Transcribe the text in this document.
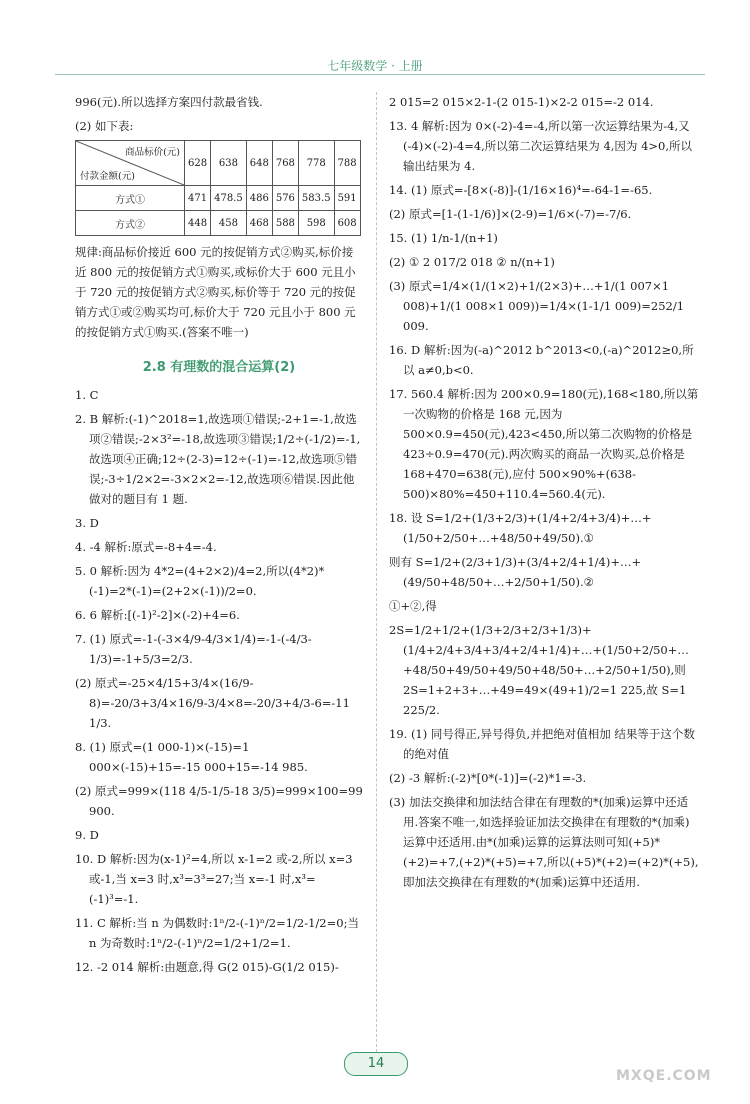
七年级数学 · 上册

996(元).所以选择方案四付款最省钱.

(2) 如下表:

商品标价(元)
付款金额(元)	628	638	648	768	778	788
方式①	471	478.5	486	576	583.5	591
方式②	448	458	468	588	598	608

规律:商品标价接近 600 元的按促销方式②购买,标价接近 800 元的按促销方式①购买,或标价大于 600 元且小于 720 元的按促销方式②购买,标价等于 720 元的按促销方式①或②购买均可,标价大于 720 元且小于 800 元的按促销方式①购买.(答案不唯一)

2.8 有理数的混合运算(2)

1. C

2. B 解析:(-1)^2018=1,故选项①错误;-2+1=-1,故选项②错误;-2×3²=-18,故选项③错误;1/2÷(-1/2)=-1,故选项④正确;12÷(2-3)=12÷(-1)=-12,故选项⑤错误;-3÷1/2×2=-3×2×2=-12,故选项⑥错误.因此他做对的题目有 1 题.

3. D

4. -4 解析:原式=-8+4=-4.

5. 0 解析:因为 4*2=(4+2×2)/4=2,所以(4*2)*(-1)=2*(-1)=(2+2×(-1))/2=0.

6. 6 解析:[(-1)²-2]×(-2)+4=6.

7. (1) 原式=-1-(-3×4/9-4/3×1/4)=-1-(-4/3-1/3)=-1+5/3=2/3.

(2) 原式=-25×4/15+3/4×(16/9-8)=-20/3+3/4×16/9-3/4×8=-20/3+4/3-6=-11 1/3.

8. (1) 原式=(1 000-1)×(-15)=1 000×(-15)+15=-15 000+15=-14 985.

(2) 原式=999×(118 4/5-1/5-18 3/5)=999×100=99 900.

9. D

10. D 解析:因为(x-1)²=4,所以 x-1=2 或-2,所以 x=3 或-1,当 x=3 时,x³=3³=27;当 x=-1 时,x³=(-1)³=-1.

11. C 解析:当 n 为偶数时:1ⁿ/2-(-1)ⁿ/2=1/2-1/2=0;当 n 为奇数时:1ⁿ/2-(-1)ⁿ/2=1/2+1/2=1.

12. -2 014 解析:由题意,得 G(2 015)-G(1/2 015)-

2 015=2 015×2-1-(2 015-1)×2-2 015=-2 014.

13. 4 解析:因为 0×(-2)-4=-4,所以第一次运算结果为-4,又(-4)×(-2)-4=4,所以第二次运算结果为 4,因为 4>0,所以输出结果为 4.

14. (1) 原式=-[8×(-8)]-(1/16×16)⁴=-64-1=-65.

(2) 原式=[1-(1-1/6)]×(2-9)=1/6×(-7)=-7/6.

15. (1) 1/n-1/(n+1)

(2) ① 2 017/2 018 ② n/(n+1)

(3) 原式=1/4×(1/(1×2)+1/(2×3)+…+1/(1 007×1 008)+1/(1 008×1 009))=1/4×(1-1/1 009)=252/1 009.

16. D 解析:因为(-a)^2012 b^2013<0,(-a)^2012≥0,所以 a≠0,b<0.

17. 560.4 解析:因为 200×0.9=180(元),168<180,所以第一次购物的价格是 168 元,因为 500×0.9=450(元),423<450,所以第二次购物的价格是 423÷0.9=470(元).两次购买的商品一次购买,总价格是 168+470=638(元),应付 500×90%+(638-500)×80%=450+110.4=560.4(元).

18. 设 S=1/2+(1/3+2/3)+(1/4+2/4+3/4)+…+(1/50+2/50+…+48/50+49/50).①

则有 S=1/2+(2/3+1/3)+(3/4+2/4+1/4)+…+(49/50+48/50+…+2/50+1/50).②

①+②,得

2S=1/2+1/2+(1/3+2/3+2/3+1/3)+(1/4+2/4+3/4+3/4+2/4+1/4)+…+(1/50+2/50+…+48/50+49/50+49/50+48/50+…+2/50+1/50),则 2S=1+2+3+…+49=49×(49+1)/2=1 225,故 S=1 225/2.

19. (1) 同号得正,异号得负,并把绝对值相加 结果等于这个数的绝对值

(2) -3 解析:(-2)*[0*(-1)]=(-2)*1=-3.

(3) 加法交换律和加法结合律在有理数的*(加乘)运算中还适用.答案不唯一,如选择验证加法交换律在有理数的*(加乘)运算中还适用.由*(加乘)运算的运算法则可知(+5)*(+2)=+7,(+2)*(+5)=+7,所以(+5)*(+2)=(+2)*(+5),即加法交换律在有理数的*(加乘)运算中还适用.

14
MXQE.COM
